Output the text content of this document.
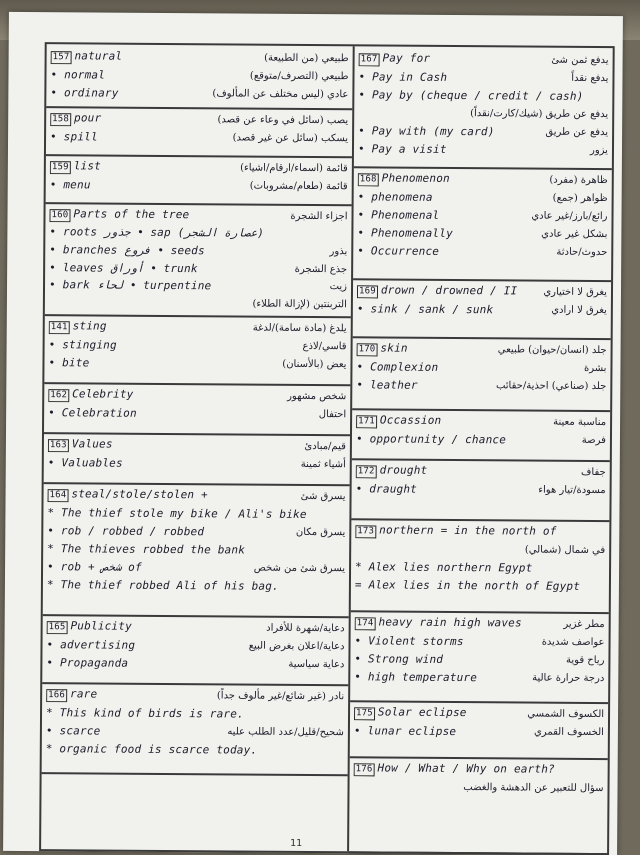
157 natural	طبيعي (من الطبيعة)
• normal	طبيعي (التصرف/متوقع)
• ordinary	عادي (ليس مختلف عن المألوف)
158 pour	يصب (سائل في وعاء عن قصد)
• spill	يسكب (سائل عن غير قصد)
159 list	قائمة (اسماء/ارقام/اشياء)
• menu	قائمة (طعام/مشروبات)
160 Parts of the tree	اجزاء الشجرة
• roots جذور • sap (عصارة الشجر)
• branches فروع • seeds	بذور
• leaves أوراق • trunk	جذع الشجرة
• bark لحاء • turpentine	زيت
التربنتين (لإزالة الطلاء)
141 sting	يلدغ (مادة سامة)/لدغة
• stinging	قاسي/لاذع
• bite	يعض (بالأسنان)
162 Celebrity	شخص مشهور
• Celebration	احتفال
163 Values	قيم/مبادئ
• Valuables	أشياء ثمينة
164 steal/stole/stolen +	يسرق شئ
* The thief stole my bike / Ali's bike
• rob / robbed / robbed	يسرق مكان
* The thieves robbed the bank
• rob + شخص of	يسرق شئ من شخص
* The thief robbed Ali of his bag.
165 Publicity	دعاية/شهرة للأفراد
• advertising	دعاية/اعلان بغرض البيع
• Propaganda	دعاية سياسية
166 rare	نادر (غير شائع/غير مألوف جداً)
* This kind of birds is rare.
• scarce	شحيح/قليل/عدد الطلب عليه
* organic food is scarce today.
167 Pay for	يدفع ثمن شئ
• Pay in Cash	يدفع نقداً
• Pay by (cheque / credit / cash)
يدفع عن طريق (شيك/كارت/نقداً)
• Pay with (my card)	يدفع عن طريق
• Pay a visit	يزور
168 Phenomenon	ظاهرة (مفرد)
• phenomena	ظواهر (جمع)
• Phenomenal	رائع/بارز/غير عادي
• Phenomenally	بشكل غير عادي
• Occurrence	حدوث/حادثة
169 drown / drowned / II	يغرق لا اختياري
• sink / sank / sunk	يغرق لا ارادي
170 skin	جلد (انسان/حيوان) طبيعي
• Complexion	بشرة
• leather	جلد (صناعي) احذية/حقائب
171 Occassion	مناسبة معينة
• opportunity / chance	فرصة
172 drought	جفاف
• draught	مسودة/تيار هواء
173 northern = in the north of
في شمال (شمالي)
* Alex lies northern Egypt
= Alex lies in the north of Egypt
174 heavy rain high waves	مطر غزير
• Violent storms	عواصف شديدة
• Strong wind	رياح قوية
• high temperature	درجة حرارة عالية
175 Solar eclipse	الكسوف الشمسي
• lunar eclipse	الخسوف القمري
176 How / What / Why on earth?
سؤال للتعبير عن الدهشة والغضب
11
